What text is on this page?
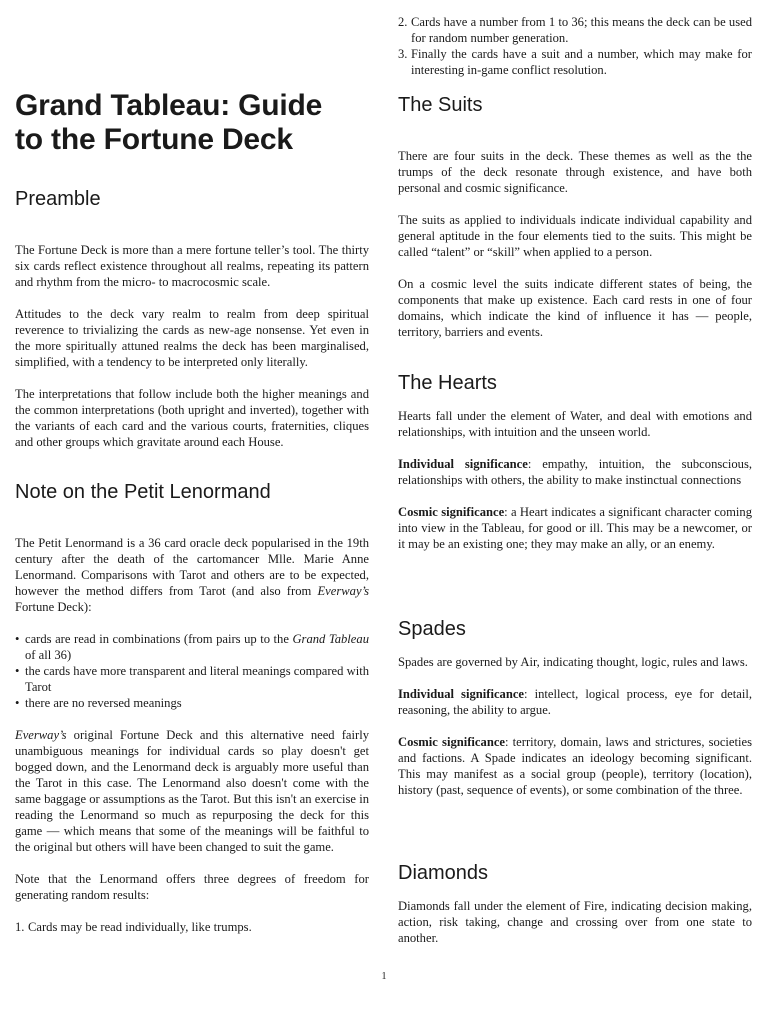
Grand Tableau: Guide
to the Fortune Deck
Preamble

The Fortune Deck is more than a mere fortune teller’s tool. The thirty six cards reflect existence throughout all realms, repeating its pattern and rhythm from the micro- to macrocosmic scale.

Attitudes to the deck vary realm to realm from deep spiritual reverence to trivializing the cards as new-age nonsense. Yet even in the more spiritually attuned realms the deck has been marginalised, simplified, with a tendency to be interpreted only literally.

The interpretations that follow include both the higher meanings and the common interpretations (both upright and inverted), together with the variants of each card and the various courts, fraternities, cliques and other groups which gravitate around each House.

Note on the Petit Lenormand

The Petit Lenormand is a 36 card oracle deck popularised in the 19th century after the death of the cartomancer Mlle. Marie Anne Lenormand. Comparisons with Tarot and others are to be expected, however the method differs from Tarot (and also from Everway’s Fortune Deck):

• cards are read in combinations (from pairs up to the Grand Tableau of all 36)
• the cards have more transparent and literal meanings compared with Tarot
• there are no reversed meanings

Everway’s original Fortune Deck and this alternative need fairly unambiguous meanings for individual cards so play doesn't get bogged down, and the Lenormand deck is arguably more useful than the Tarot in this case. The Lenormand also doesn't come with the same baggage or assumptions as the Tarot. But this isn't an exercise in reading the Lenormand so much as repurposing the deck for this game — which means that some of the meanings will be faithful to the original but others will have been changed to suit the game.

Note that the Lenormand offers three degrees of freedom for generating random results:

1. Cards may be read individually, like trumps.
2. Cards have a number from 1 to 36; this means the deck can be used for random number generation.
3. Finally the cards have a suit and a number, which may make for interesting in-game conflict resolution.
The Suits

There are four suits in the deck. These themes as well as the the trumps of the deck resonate through existence, and have both personal and cosmic significance.

The suits as applied to individuals indicate individual capability and general aptitude in the four elements tied to the suits. This might be called “talent” or “skill” when applied to a person.

On a cosmic level the suits indicate different states of being, the components that make up existence. Each card rests in one of four domains, which indicate the kind of influence it has — people, territory, barriers and events.

The Hearts

Hearts fall under the element of Water, and deal with emotions and relationships, with intuition and the unseen world.

Individual significance: empathy, intuition, the subconscious, relationships with others, the ability to make instinctual connections

Cosmic significance: a Heart indicates a significant character coming into view in the Tableau, for good or ill. This may be a newcomer, or it may be an existing one; they may make an ally, or an enemy.

Spades

Spades are governed by Air, indicating thought, logic, rules and laws.

Individual significance: intellect, logical process, eye for detail, reasoning, the ability to argue.

Cosmic significance: territory, domain, laws and strictures, societies and factions. A Spade indicates an ideology becoming significant. This may manifest as a social group (people), territory (location), history (past, sequence of events), or some combination of the three.

Diamonds

Diamonds fall under the element of Fire, indicating decision making, action, risk taking, change and crossing over from one state to another.

1
